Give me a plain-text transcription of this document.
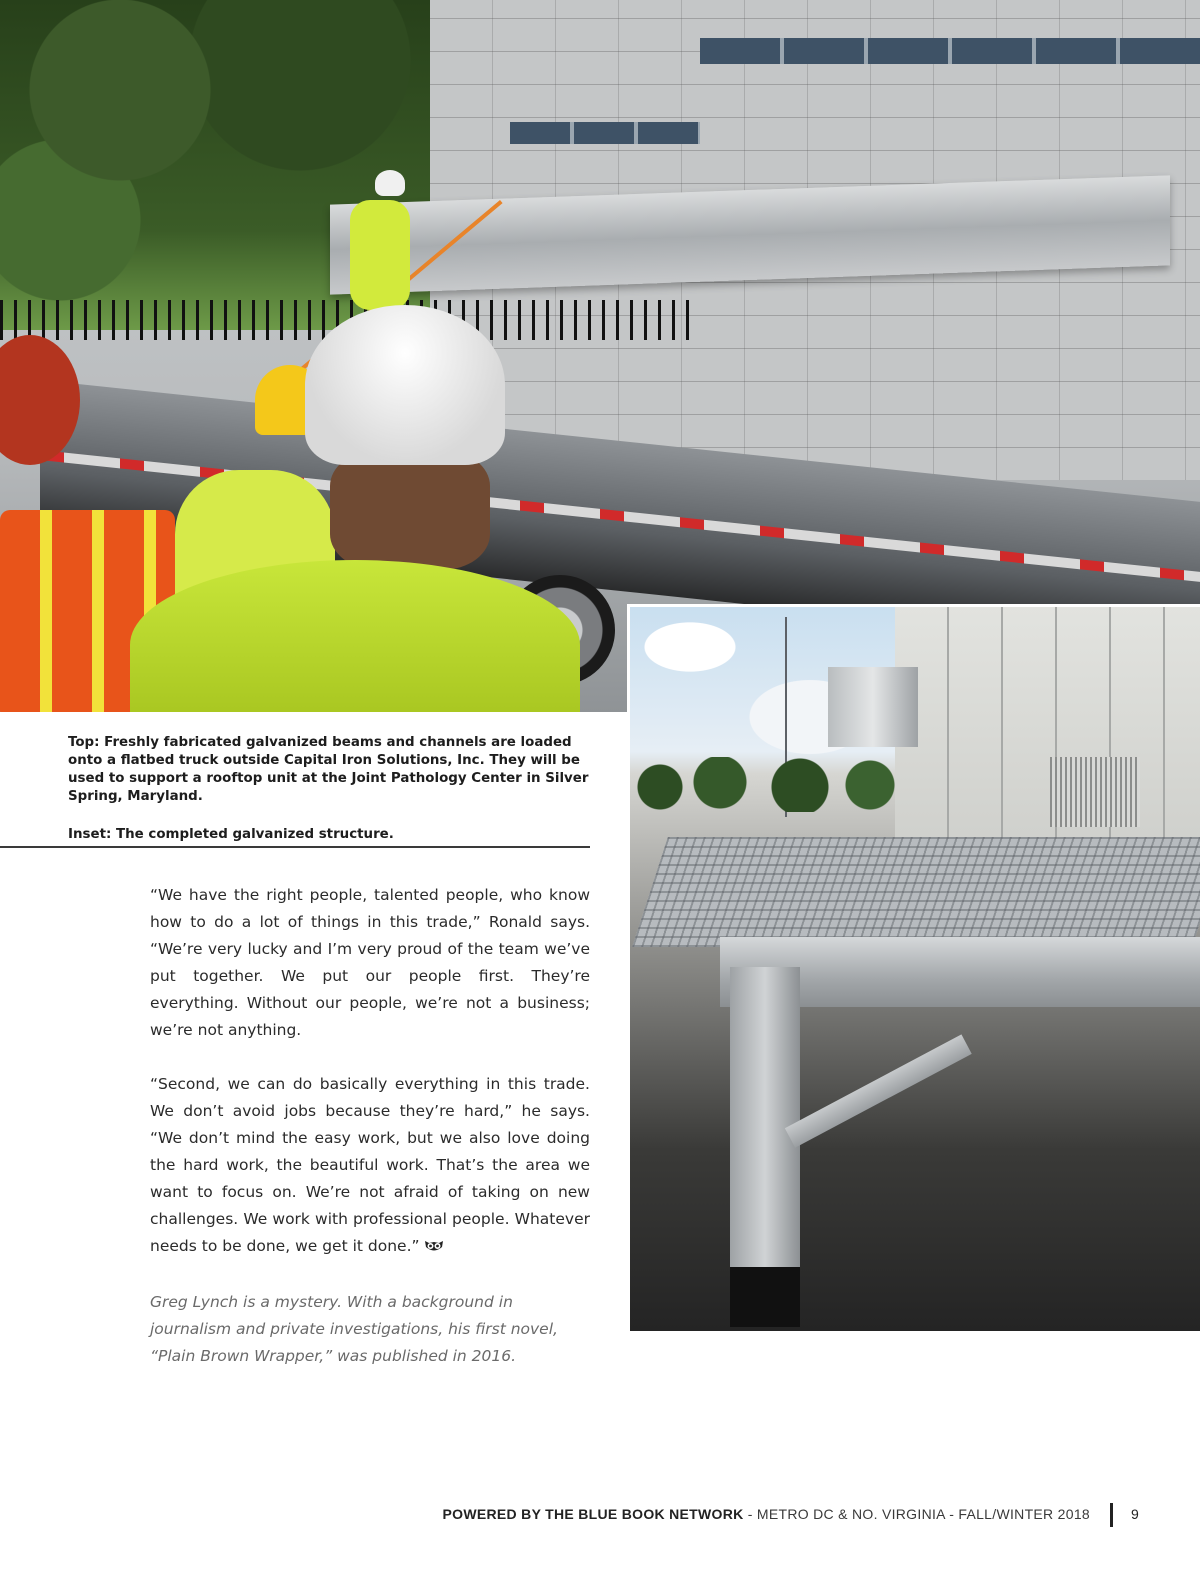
Top: Freshly fabricated galvanized beams and channels are loaded onto a flatbed truck outside Capital Iron Solutions, Inc. They will be used to support a rooftop unit at the Joint Pathology Center in Silver Spring, Maryland.

Inset: The completed galvanized structure.

“We have the right people, talented people, who know how to do a lot of things in this trade,” Ronald says. “We’re very lucky and I’m very proud of the team we’ve put together. We put our people first. They’re everything. Without our people, we’re not a business; we’re not anything.

“Second, we can do basically everything in this trade. We don’t avoid jobs because they’re hard,” he says. “We don’t mind the easy work, but we also love doing the hard work, the beautiful work. That’s the area we want to focus on. We’re not afraid of taking on new challenges. We work with professional people. Whatever needs to be done, we get it done.”

Greg Lynch is a mystery. With a background in journalism and private investigations, his first novel, “Plain Brown Wrapper,” was published in 2016.

POWERED BY THE BLUE BOOK NETWORK - METRO DC & NO. VIRGINIA - FALL/WINTER 2018	9
